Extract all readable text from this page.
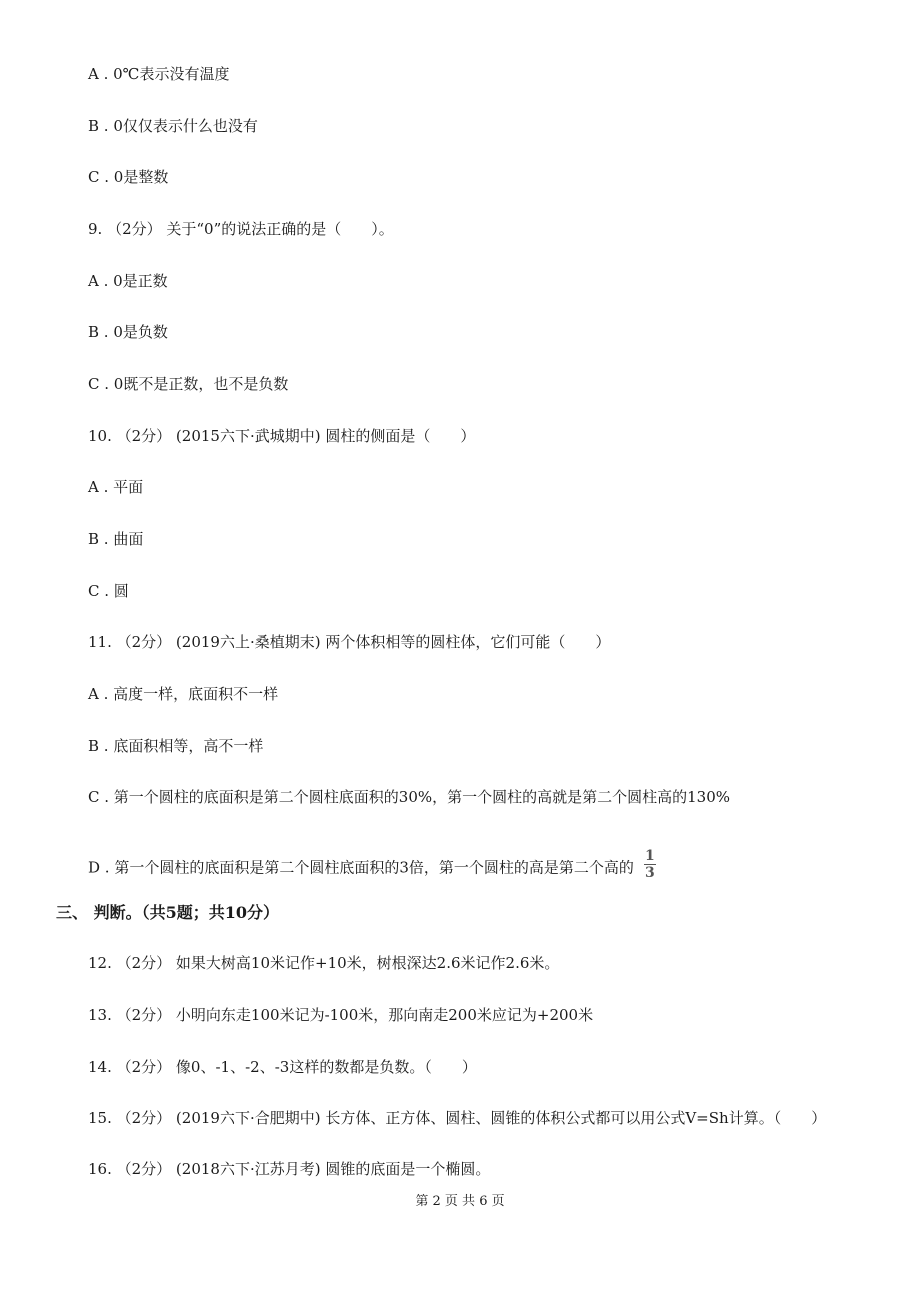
A . 0℃表示没有温度
B . 0仅仅表示什么也没有
C . 0是整数
9. （2分） 关于“0”的说法正确的是（　　）。
A . 0是正数
B . 0是负数
C . 0既不是正数，也不是负数
10. （2分） (2015六下·武城期中) 圆柱的侧面是（　　）
A . 平面
B . 曲面
C . 圆
11. （2分） (2019六上·桑植期末) 两个体积相等的圆柱体，它们可能（　　）
A . 高度一样，底面积不一样
B . 底面积相等，高不一样
C . 第一个圆柱的底面积是第二个圆柱底面积的30%，第一个圆柱的高就是第二个圆柱高的130%
D . 第一个圆柱的底面积是第二个圆柱底面积的3倍，第一个圆柱的高是第二个高的 $\frac{1}{3}$
三、 判断。（共5题；共10分）
12. （2分） 如果大树高10米记作+10米，树根深达2.6米记作2.6米。
13. （2分） 小明向东走100米记为-100米，那向南走200米应记为+200米
14. （2分） 像0、-1、-2、-3这样的数都是负数。（　　）
15. （2分） (2019六下·合肥期中) 长方体、正方体、圆柱、圆锥的体积公式都可以用公式V=Sh计算。（　　）
16. （2分） (2018六下·江苏月考) 圆锥的底面是一个椭圆。
第 2 页 共 6 页
